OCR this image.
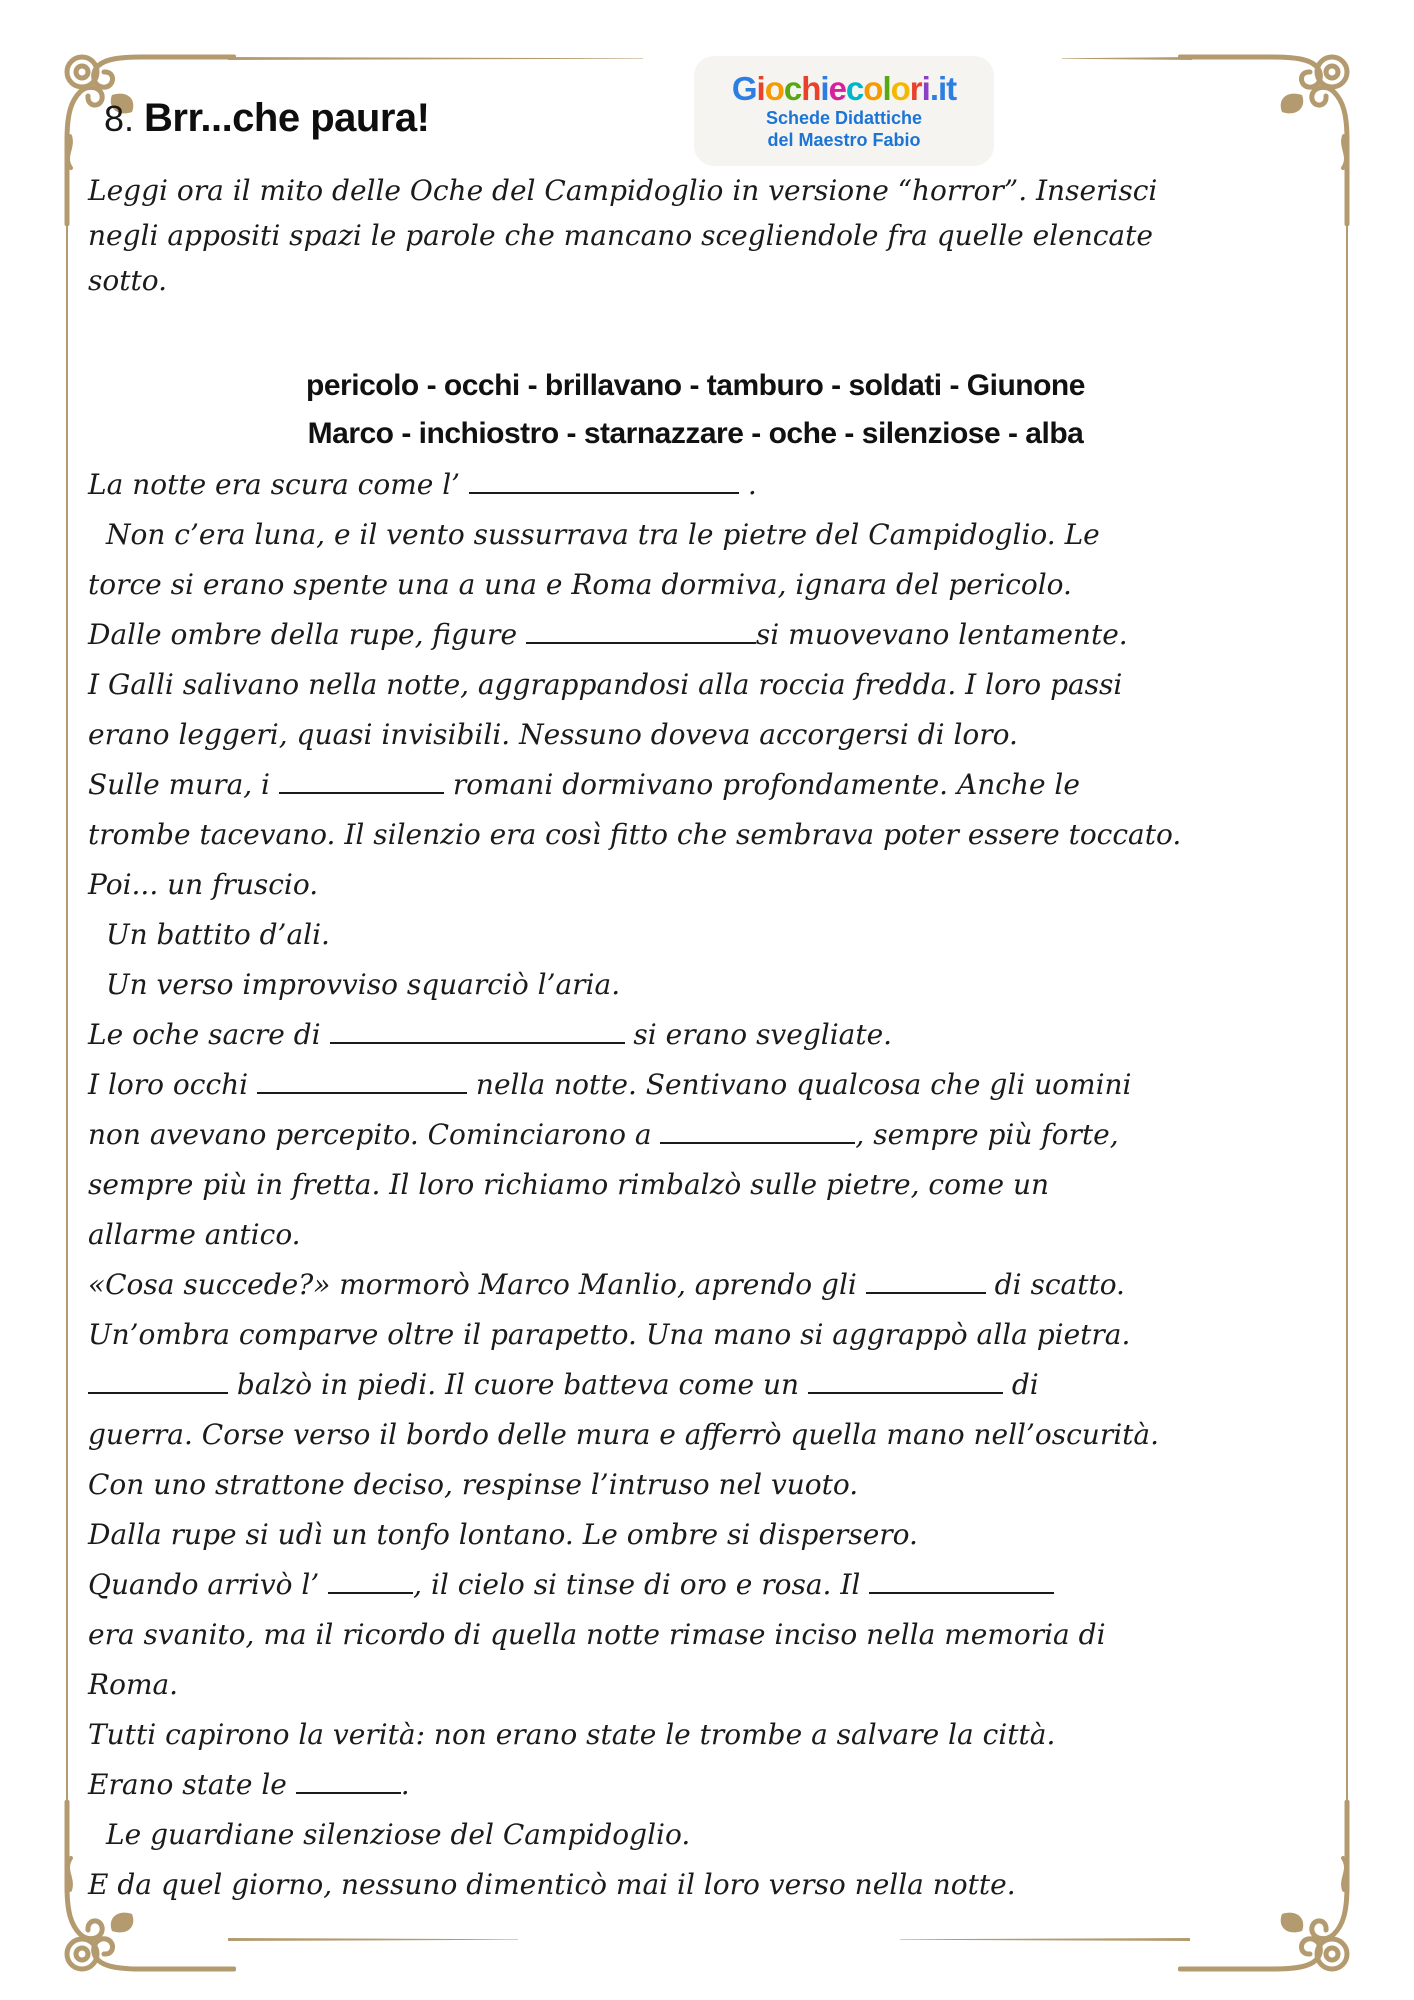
Giochiecolori.it
Schede Didattiche
del Maestro Fabio
8. Brr...che paura!
Leggi ora il mito delle Oche del Campidoglio in versione “horror”. Inserisci
negli appositi spazi le parole che mancano scegliendole fra quelle elencate
sotto.
pericolo - occhi - brillavano - tamburo - soldati - Giunone
Marco - inchiostro - starnazzare - oche - silenziose - alba
La notte era scura come l’	.
Non c’era luna, e il vento sussurrava tra le pietre del Campidoglio. Le
torce si erano spente una a una e Roma dormiva, ignara del pericolo.
Dalle ombre della rupe, figure	si muovevano lentamente.
I Galli salivano nella notte, aggrappandosi alla roccia fredda. I loro passi
erano leggeri, quasi invisibili. Nessuno doveva accorgersi di loro.
Sulle mura, i	romani dormivano profondamente. Anche le
trombe tacevano. Il silenzio era così fitto che sembrava poter essere toccato.
Poi... un fruscio.
Un battito d’ali.
Un verso improvviso squarciò l’aria.
Le oche sacre di	si erano svegliate.
I loro occhi	nella notte. Sentivano qualcosa che gli uomini
non avevano percepito. Cominciarono a	, sempre più forte,
sempre più in fretta. Il loro richiamo rimbalzò sulle pietre, come un
allarme antico.
«Cosa succede?» mormorò Marco Manlio, aprendo gli	di scatto.
Un’ombra comparve oltre il parapetto. Una mano si aggrappò alla pietra.
balzò in piedi. Il cuore batteva come un	di
guerra. Corse verso il bordo delle mura e afferrò quella mano nell’oscurità.
Con uno strattone deciso, respinse l’intruso nel vuoto.
Dalla rupe si udì un tonfo lontano. Le ombre si dispersero.
Quando arrivò l’	, il cielo si tinse di oro e rosa. Il
era svanito, ma il ricordo di quella notte rimase inciso nella memoria di
Roma.
Tutti capirono la verità: non erano state le trombe a salvare la città.
Erano state le	.
Le guardiane silenziose del Campidoglio.
E da quel giorno, nessuno dimenticò mai il loro verso nella notte.
